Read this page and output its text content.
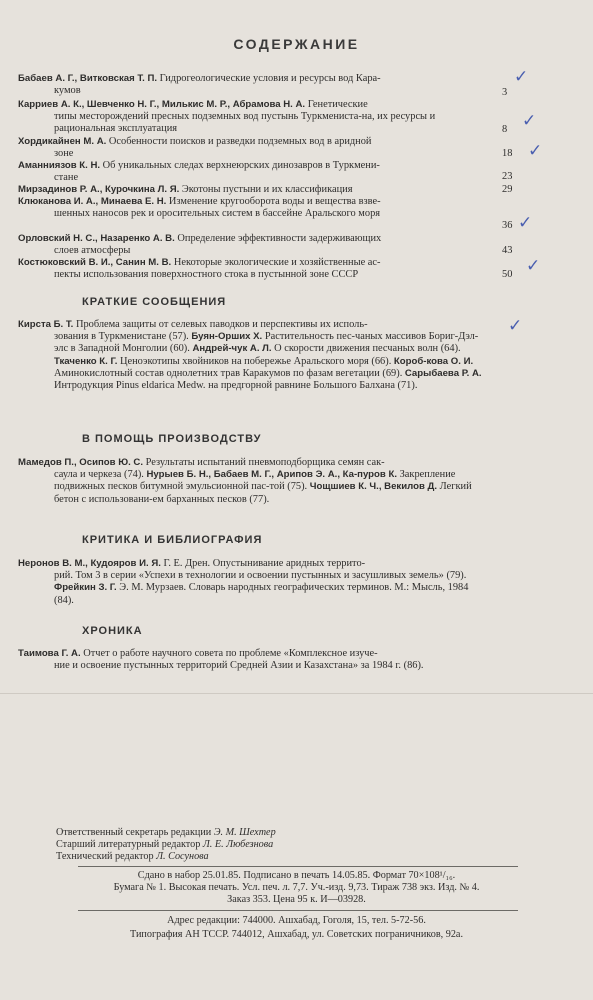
СОДЕРЖАНИЕ
Бабаев А. Г., Витковская Т. П. Гидрогеологические условия и ресурсы вод Кара-
кумов	3
Карриев А. К., Шевченко Н. Г., Милькис М. Р., Абрамова Н. А. Генетические
типы месторождений пресных подземных вод пустынь Туркмениста-на, их ресурсы и рациональная эксплуатация	8
Хордикайнен М. А. Особенности поисков и разведки подземных вод в аридной
зоне	18
Аманниязов К. Н. Об уникальных следах верхнеюрских динозавров в Туркмени-
стане	23
Мирзадинов Р. А., Курочкина Л. Я. Экотоны пустыни и их классификация	29
Клюканова И. А., Минаева Е. Н. Изменение кругооборота воды и вещества взве-
шенных наносов рек и оросительных систем в бассейне Аральского моря
36
Орловский Н. С., Назаренко А. В. Определение эффективности задерживающих
слоев атмосферы	43
Костюковский В. И., Санин М. В. Некоторые экологические и хозяйственные ас-
пекты использования поверхностного стока в пустынной зоне СССР	50
✓
✓
✓
✓
✓
КРАТКИЕ СООБЩЕНИЯ
Кирста Б. Т. Проблема защиты от селевых паводков и перспективы их исполь-
зования в Туркменистане (57). Буян-Орших Х. Растительность пес-чаных массивов Бориг-Дэл-элс в Западной Монголии (60). Андрей-чук А. Л. О скорости движения песчаных волн (64). Ткаченко К. Г. Ценоэкотипы хвойников на побережье Аральского моря (66). Короб-кова О. И. Аминокислотный состав однолетних трав Каракумов по фазам вегетации (69). Сарыбаева Р. А. Интродукция Pinus eldarica Medw. на предгорной равнине Большого Балхана (71).
В ПОМОЩЬ ПРОИЗВОДСТВУ
Мамедов П., Осипов Ю. С. Результаты испытаний пневмоподборщика семян сак-
саула и черкеза (74). Нурыев Б. Н., Бабаев М. Г., Арипов Э. А., Ка-пуров К. Закрепление подвижных песков битумной эмульсионной пас-той (75). Чощшиев К. Ч., Векилов Д. Легкий бетон с использовани-ем барханных песков (77).
КРИТИКА И БИБЛИОГРАФИЯ
Неронов В. М., Кудояров И. Я. Г. Е. Дрен. Опустынивание аридных террито-
рий. Том 3 в серии «Успехи в технологии и освоении пустынных и засушливых земель» (79). Фрейкин З. Г. Э. М. Мурзаев. Словарь народных географических терминов. М.: Мысль, 1984 (84).
ХРОНИКА
Таимова Г. А. Отчет о работе научного совета по проблеме «Комплексное изуче-
ние и освоение пустынных территорий Средней Азии и Казахстана» за 1984 г. (86).
✓
Ответственный секретарь редакции Э. М. Шехтер
Старший литературный редактор Л. Е. Любезнова
Технический редактор Л. Сосунова
Сдано в набор 25.01.85. Подписано в печать 14.05.85. Формат 70×108¹/₁₆.
Бумага № 1. Высокая печать. Усл. печ. л. 7,7. Уч.-изд. 9,73. Тираж 738 экз. Изд. № 4.
Заказ 353. Цена 95 к. И—03928.
Адрес редакции: 744000. Ашхабад, Гоголя, 15, тел. 5-72-56.
Типография АН ТССР. 744012, Ашхабад, ул. Советских пограничников, 92а.
